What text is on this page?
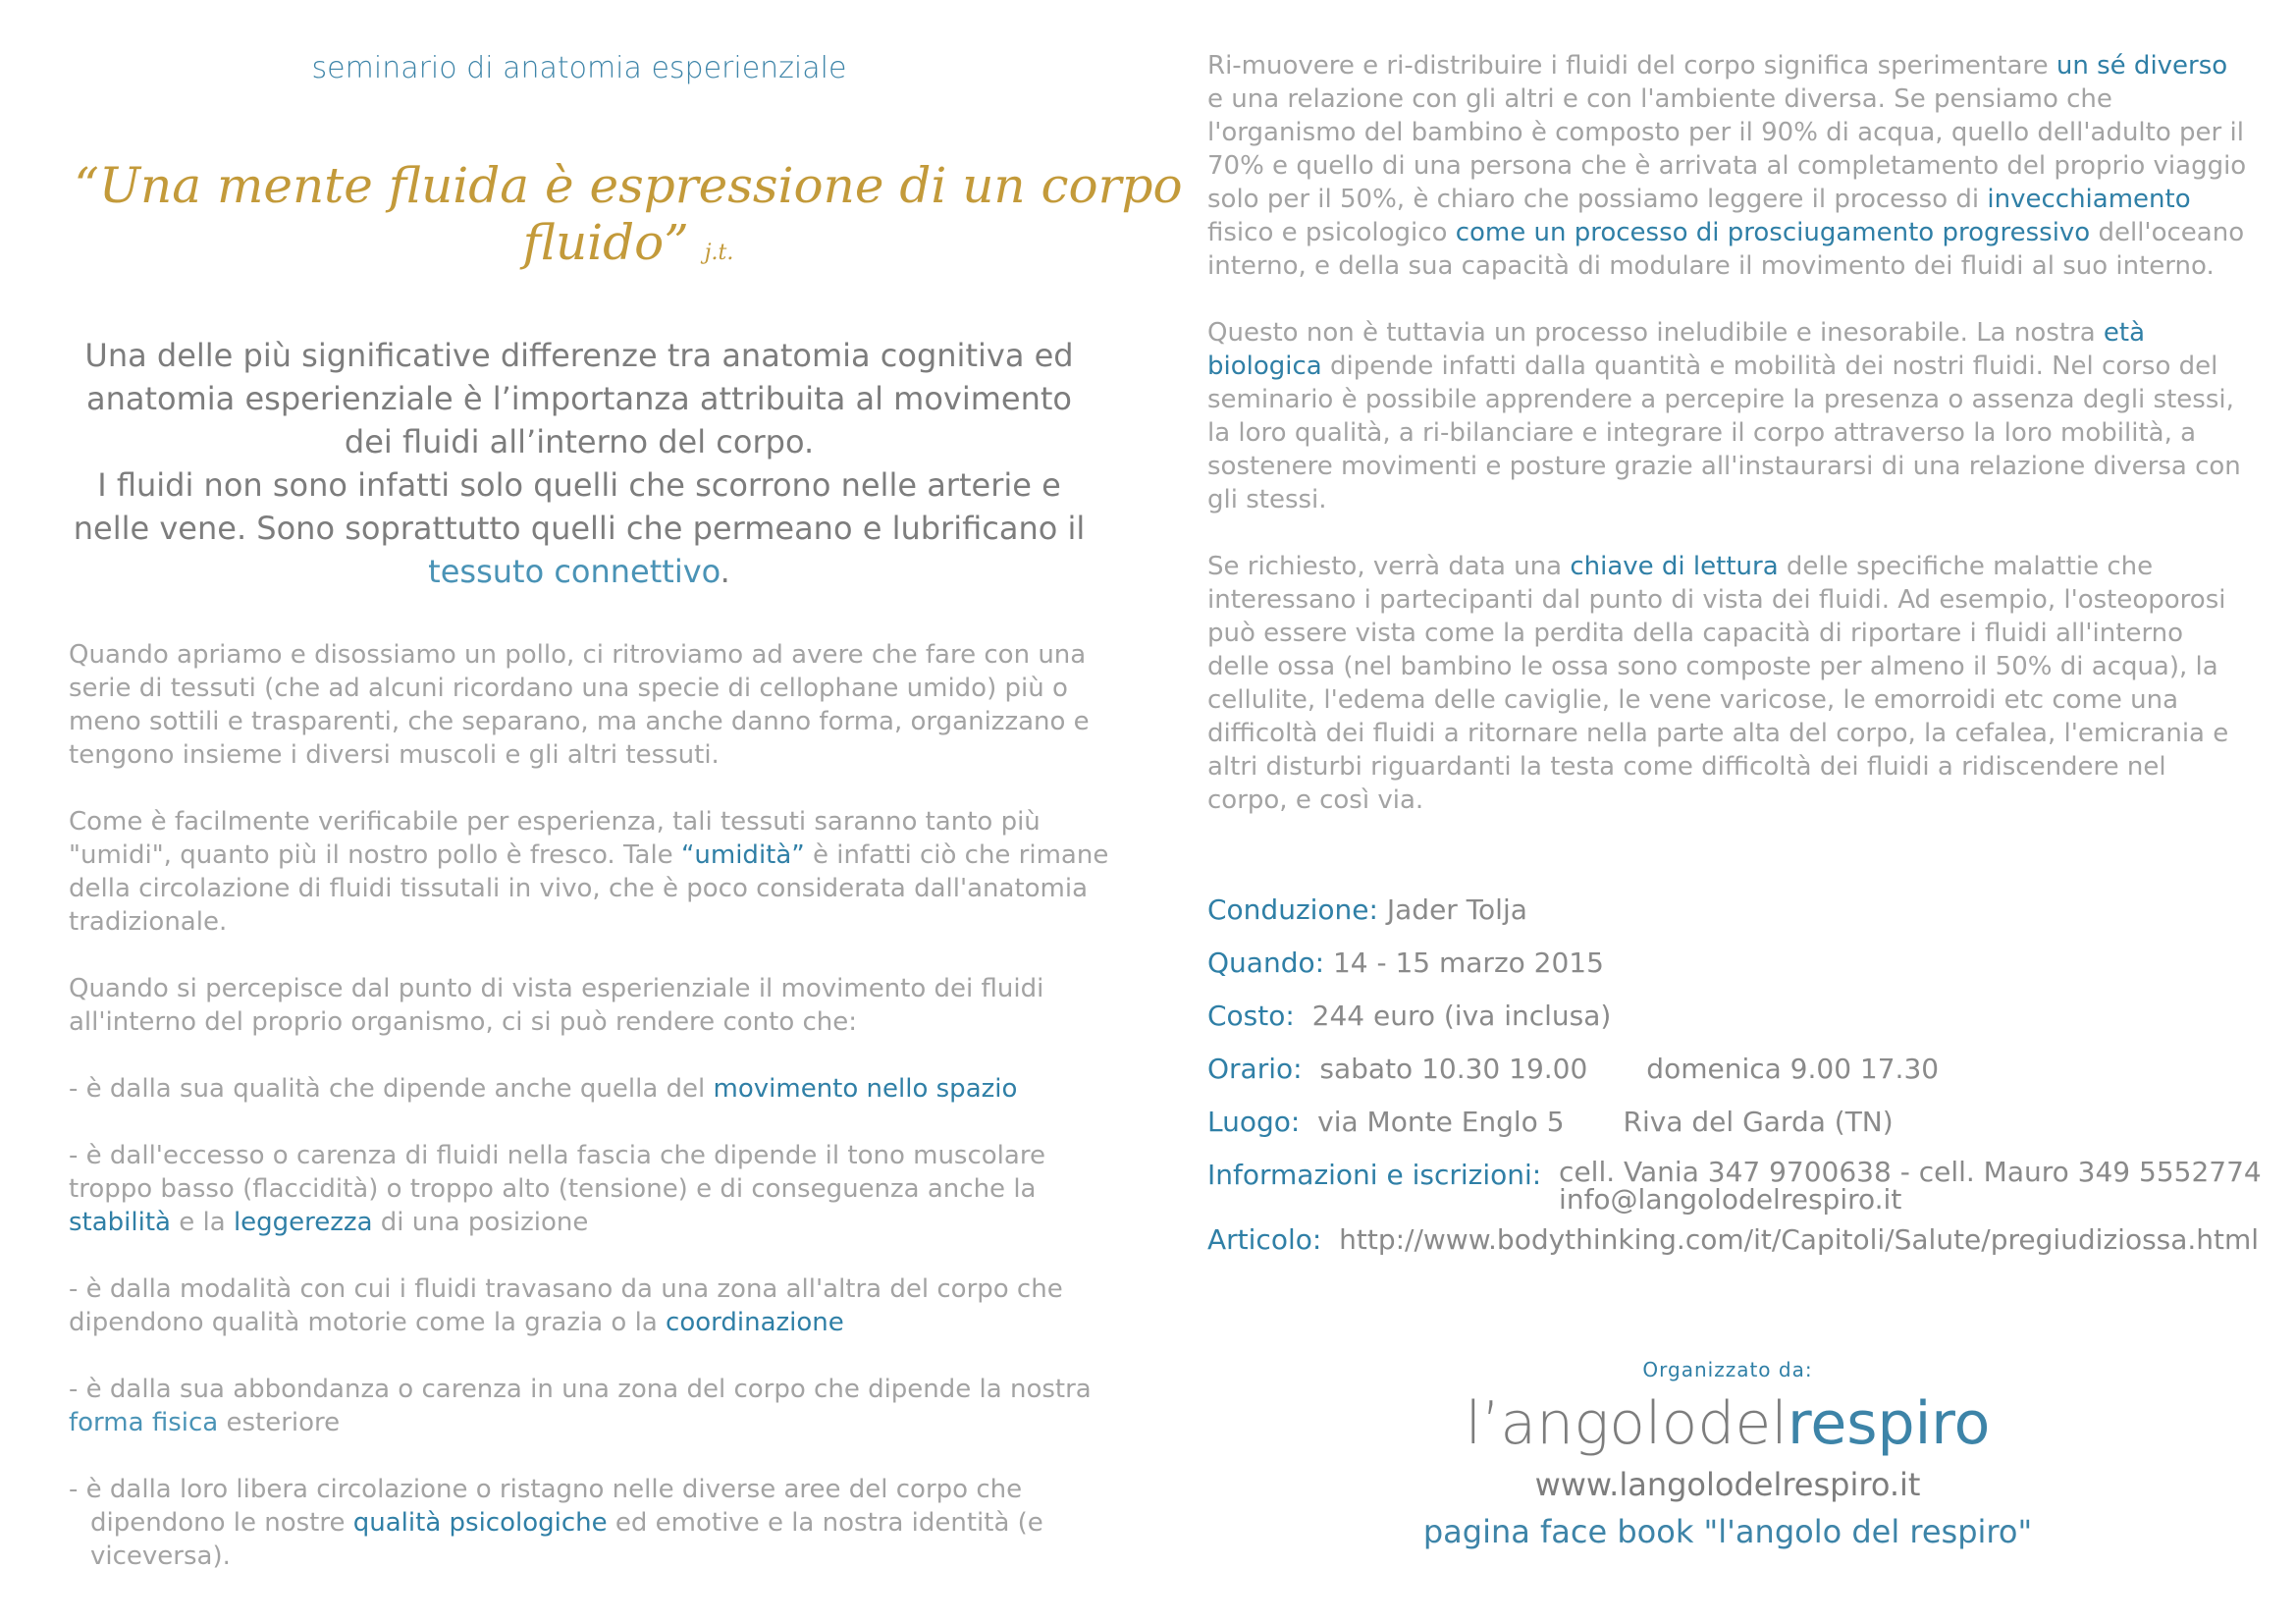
seminario di anatomia esperienziale
“Una mente fluida è espressione di un corpo fluido” j.t.

Una delle più significative differenze tra anatomia cognitiva ed anatomia esperienziale è l’importanza attribuita al movimento dei fluidi all’interno del corpo.

I fluidi non sono infatti solo quelli che scorrono nelle arterie e nelle vene. Sono soprattutto quelli che permeano e lubrificano il tessuto connettivo.

Quando apriamo e disossiamo un pollo, ci ritroviamo ad avere che fare con una serie di tessuti (che ad alcuni ricordano una specie di cellophane umido) più o meno sottili e trasparenti, che separano, ma anche danno forma, organizzano e tengono insieme i diversi muscoli e gli altri tessuti.

Come è facilmente verificabile per esperienza, tali tessuti saranno tanto più "umidi", quanto più il nostro pollo è fresco. Tale “umidità” è infatti ciò che rimane della circolazione di fluidi tissutali in vivo, che è poco considerata dall'anatomia tradizionale.

Quando si percepisce dal punto di vista esperienziale il movimento dei fluidi all'interno del proprio organismo, ci si può rendere conto che:

- è dalla sua qualità che dipende anche quella del movimento nello spazio

- è dall'eccesso o carenza di fluidi nella fascia che dipende il tono muscolare troppo basso (flaccidità) o troppo alto (tensione) e di conseguenza anche la stabilità e la leggerezza di una posizione

- è dalla modalità con cui i fluidi travasano da una zona all'altra del corpo che dipendono qualità motorie come la grazia o la coordinazione

- è dalla sua abbondanza o carenza in una zona del corpo che dipende la nostra forma fisica esteriore

- è dalla loro libera circolazione o ristagno nelle diverse aree del corpo che dipendono le nostre qualità psicologiche ed emotive e la nostra identità (e viceversa).

Ri-muovere e ri-distribuire i fluidi del corpo significa sperimentare un sé diverso e una relazione con gli altri e con l'ambiente diversa. Se pensiamo che l'organismo del bambino è composto per il 90% di acqua, quello dell'adulto per il 70% e quello di una persona che è arrivata al completamento del proprio viaggio solo per il 50%, è chiaro che possiamo leggere il processo di invecchiamento fisico e psicologico come un processo di prosciugamento progressivo dell'oceano interno, e della sua capacità di modulare il movimento dei fluidi al suo interno.

Questo non è tuttavia un processo ineludibile e inesorabile. La nostra età biologica dipende infatti dalla quantità e mobilità dei nostri fluidi. Nel corso del seminario è possibile apprendere a percepire la presenza o assenza degli stessi, la loro qualità, a ri-bilanciare e integrare il corpo attraverso la loro mobilità, a sostenere movimenti e posture grazie all'instaurarsi di una relazione diversa con gli stessi.

Se richiesto, verrà data una chiave di lettura delle specifiche malattie che interessano i partecipanti dal punto di vista dei fluidi. Ad esempio, l'osteoporosi può essere vista come la perdita della capacità di riportare i fluidi all'interno delle ossa (nel bambino le ossa sono composte per almeno il 50% di acqua), la cellulite, l'edema delle caviglie, le vene varicose, le emorroidi etc come una difficoltà dei fluidi a ritornare nella parte alta del corpo, la cefalea, l'emicrania e altri disturbi riguardanti la testa come difficoltà dei fluidi a ridiscendere nel corpo, e così via.

Conduzione: Jader Tolja
Quando: 14 - 15 marzo 2015
Costo: 244 euro (iva inclusa)
Orario: sabato 10.30 19.00 domenica 9.00 17.30
Luogo: via Monte Englo 5 Riva del Garda (TN)
Informazioni e iscrizioni: cell. Vania 347 9700638 - cell. Mauro 349 5552774
info@langolodelrespiro.it
Articolo: http://www.bodythinking.com/it/Capitoli/Salute/pregiudiziossa.html
Organizzato da:
l’angolodelrespiro
www.langolodelrespiro.it
pagina face book "l'angolo del respiro"
